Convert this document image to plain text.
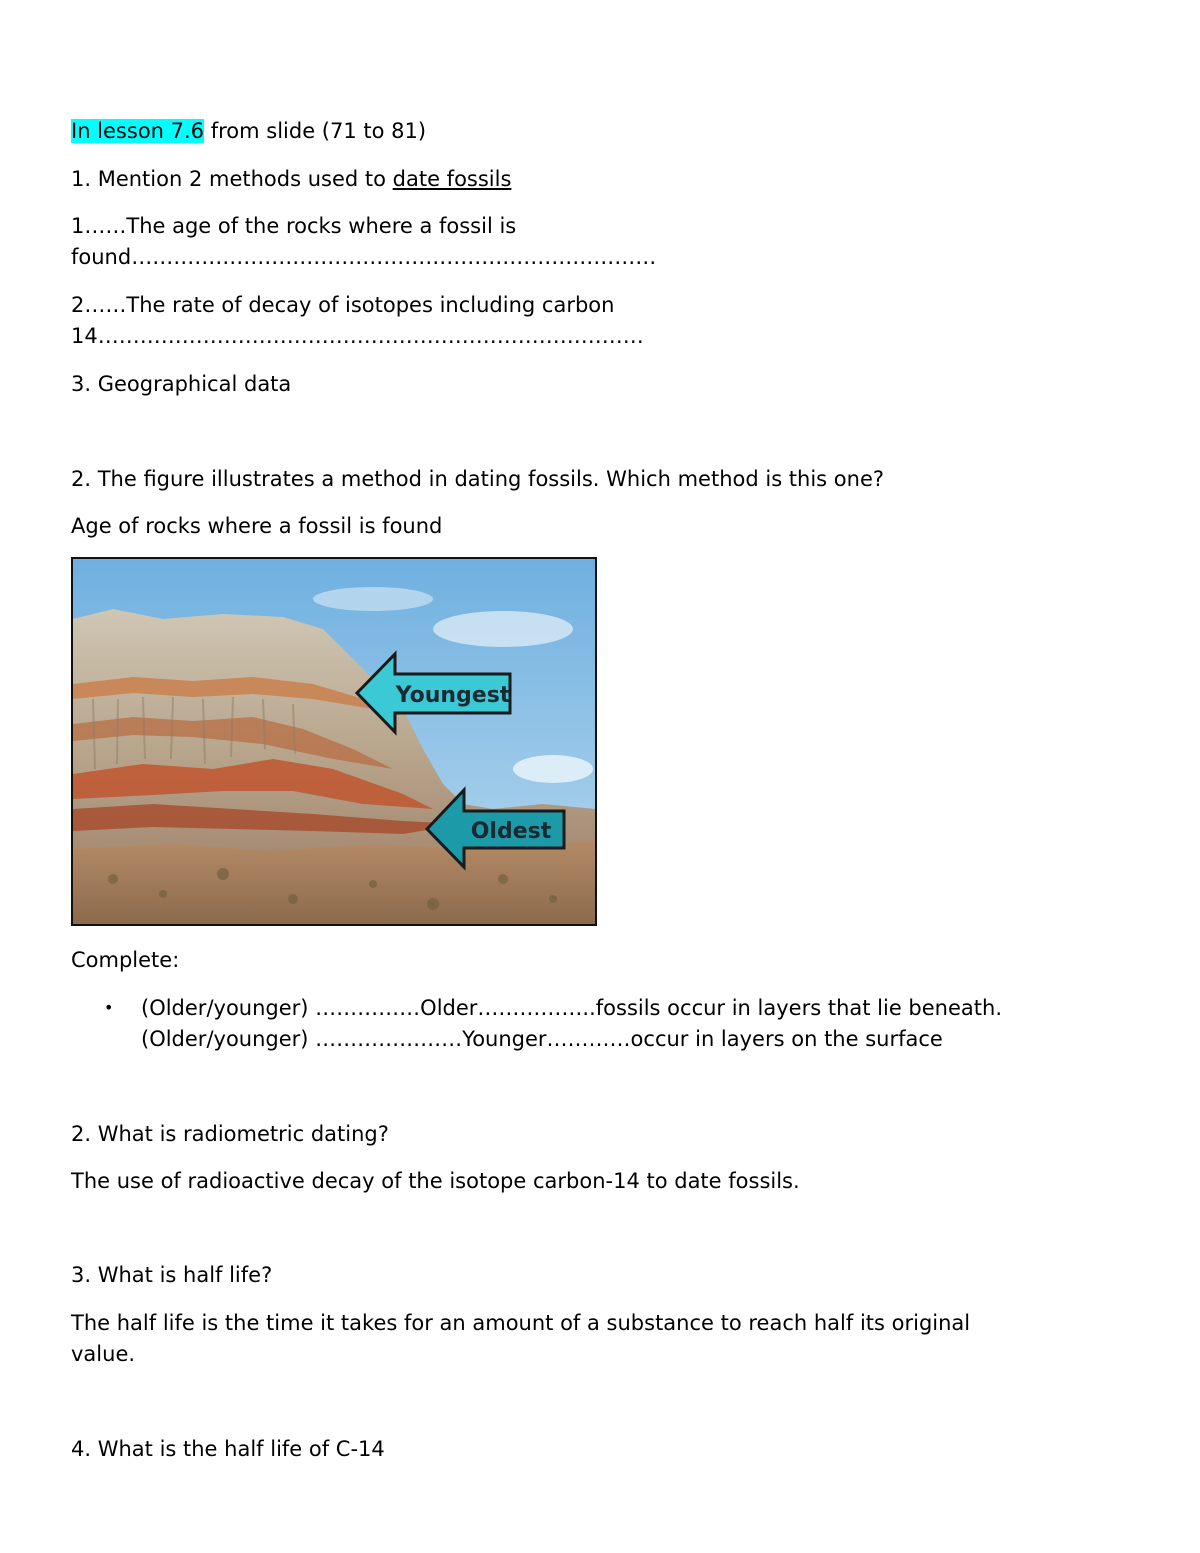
In lesson 7.6 from slide (71 to 81)
1. Mention 2 methods used to date fossils
1……The age of the rocks where a fossil is
found…………………………………………………………………
2……The rate of decay of isotopes including carbon
14……………………………………………………………………
3. Geographical data
2. The figure illustrates a method in dating fossils. Which method is this one?
Age of rocks where a fossil is found
Youngest
Oldest
Complete:
• (Older/younger) ……………Older……………..fossils occur in layers that lie beneath.
(Older/younger) …………………Younger…………occur in layers on the surface
2. What is radiometric dating?
The use of radioactive decay of the isotope carbon-14 to date fossils.
3. What is half life?
The half life is the time it takes for an amount of a substance to reach half its original
value.
4. What is the half life of C-14
